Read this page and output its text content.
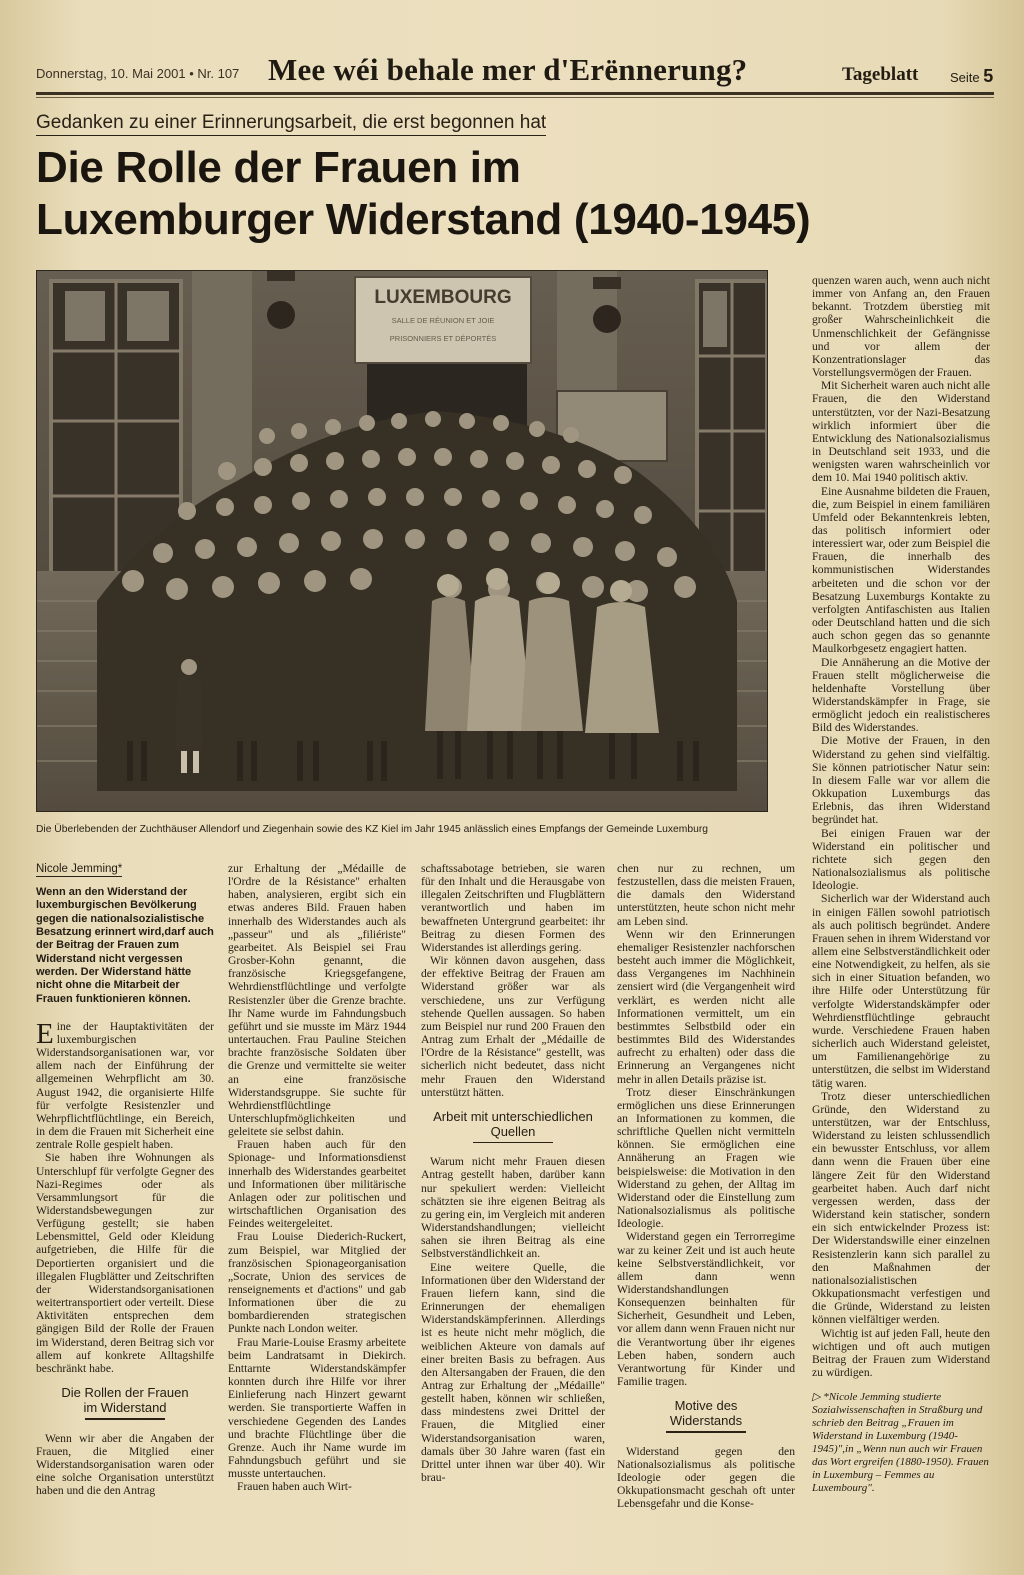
Donnerstag, 10. Mai 2001 • Nr. 107 Mee wéi behale mer d'Erënnerung?	Tageblatt Seite 5
Gedanken zu einer Erinnerungsarbeit, die erst begonnen hat
Die Rolle der Frauen im
Luxemburger Widerstand (1940-1945)
LUXEMBOURG
SALLE DE RÉUNION ET JOIE
PRISONNIERS ET DÉPORTÉS
Die Überlebenden der Zuchthäuser Allendorf und Ziegenhain sowie des KZ Kiel im Jahr 1945 anlässlich eines Empfangs der Gemeinde Luxemburg
Nicole Jemming*
Wenn an den Widerstand der luxemburgischen Bevölkerung gegen die nationalsozialistische Besatzung erinnert wird,darf auch der Beitrag der Frauen zum Widerstand nicht vergessen werden. Der Widerstand hätte nicht ohne die Mitarbeit der Frauen funktionieren können.

Eine der Hauptaktivitäten der luxemburgischen Widerstandsorganisationen war, vor allem nach der Einführung der allgemeinen Wehrpflicht am 30. August 1942, die organisierte Hilfe für verfolgte Resistenzler und Wehrpflichtflüchtlinge, ein Bereich, in dem die Frauen mit Sicherheit eine zentrale Rolle gespielt haben.

Sie haben ihre Wohnungen als Unterschlupf für verfolgte Gegner des Nazi-Regimes oder als Versammlungsort für die Widerstandsbewegungen zur Verfügung gestellt; sie haben Lebensmittel, Geld oder Kleidung aufgetrieben, die Hilfe für die Deportierten organisiert und die illegalen Flugblätter und Zeitschriften der Widerstandsorganisationen weitertransportiert oder verteilt. Diese Aktivitäten entsprechen dem gängigen Bild der Rolle der Frauen im Widerstand, deren Beitrag sich vor allem auf konkrete Alltagshilfe beschränkt habe.

Die Rollen der Frauen
im Widerstand

Wenn wir aber die Angaben der Frauen, die Mitglied einer Widerstandsorganisation waren oder eine solche Organisation unterstützt haben und die den Antrag

zur Erhaltung der „Médaille de l'Ordre de la Résistance" erhalten haben, analysieren, ergibt sich ein etwas anderes Bild. Frauen haben innerhalb des Widerstandes auch als „passeur" und als „filiériste" gearbeitet. Als Beispiel sei Frau Grosber-Kohn genannt, die französische Kriegsgefangene, Wehrdienstflüchtlinge und verfolgte Resistenzler über die Grenze brachte. Ihr Name wurde im Fahndungsbuch geführt und sie musste im März 1944 untertauchen. Frau Pauline Steichen brachte französische Soldaten über die Grenze und vermittelte sie weiter an eine französische Widerstandsgruppe. Sie suchte für Wehrdienstflüchtlinge Unterschlupfmöglichkeiten und geleitete sie selbst dahin.

Frauen haben auch für den Spionage- und Informationsdienst innerhalb des Widerstandes gearbeitet und Informationen über militärische Anlagen oder zur politischen und wirtschaftlichen Organisation des Feindes weitergeleitet.

Frau Louise Diederich-Ruckert, zum Beispiel, war Mitglied der französischen Spionageorganisation „Socrate, Union des services de renseignements et d'actions" und gab Informationen über die zu bombardierenden strategischen Punkte nach London weiter.

Frau Marie-Louise Erasmy arbeitete beim Landratsamt in Diekirch. Enttarnte Widerstandskämpfer konnten durch ihre Hilfe vor ihrer Einlieferung nach Hinzert gewarnt werden. Sie transportierte Waffen in verschiedene Gegenden des Landes und brachte Flüchtlinge über die Grenze. Auch ihr Name wurde im Fahndungsbuch geführt und sie musste untertauchen.

Frauen haben auch Wirt-

schaftssabotage betrieben, sie waren für den Inhalt und die Herausgabe von illegalen Zeitschriften und Flugblättern verantwortlich und haben im bewaffneten Untergrund gearbeitet: ihr Beitrag zu diesen Formen des Widerstandes ist allerdings gering.

Wir können davon ausgehen, dass der effektive Beitrag der Frauen am Widerstand größer war als verschiedene, uns zur Verfügung stehende Quellen aussagen. So haben zum Beispiel nur rund 200 Frauen den Antrag zum Erhalt der „Médaille de l'Ordre de la Résistance" gestellt, was sicherlich nicht bedeutet, dass nicht mehr Frauen den Widerstand unterstützt hätten.

Arbeit mit unterschiedlichen
Quellen

Warum nicht mehr Frauen diesen Antrag gestellt haben, darüber kann nur spekuliert werden: Vielleicht schätzten sie ihre eigenen Beitrag als zu gering ein, im Vergleich mit anderen Widerstandshandlungen; vielleicht sahen sie ihren Beitrag als eine Selbstverständlichkeit an.

Eine weitere Quelle, die Informationen über den Widerstand der Frauen liefern kann, sind die Erinnerungen der ehemaligen Widerstandskämpferinnen. Allerdings ist es heute nicht mehr möglich, die weiblichen Akteure von damals auf einer breiten Basis zu befragen. Aus den Altersangaben der Frauen, die den Antrag zur Erhaltung der „Médaille" gestellt haben, können wir schließen, dass mindestens zwei Drittel der Frauen, die Mitglied einer Widerstandsorganisation waren, damals über 30 Jahre waren (fast ein Drittel unter ihnen war über 40). Wir brau-

chen nur zu rechnen, um festzustellen, dass die meisten Frauen, die damals den Widerstand unterstützten, heute schon nicht mehr am Leben sind.

Wenn wir den Erinnerungen ehemaliger Resistenzler nachforschen besteht auch immer die Möglichkeit, dass Vergangenes im Nachhinein zensiert wird (die Vergangenheit wird verklärt, es werden nicht alle Informationen vermittelt, um ein bestimmtes Selbstbild oder ein bestimmtes Bild des Widerstandes aufrecht zu erhalten) oder dass die Erinnerung an Vergangenes nicht mehr in allen Details präzise ist.

Trotz dieser Einschränkungen ermöglichen uns diese Erinnerungen an Informationen zu kommen, die schriftliche Quellen nicht vermitteln können. Sie ermöglichen eine Annäherung an Fragen wie beispielsweise: die Motivation in den Widerstand zu gehen, der Alltag im Widerstand oder die Einstellung zum Nationalsozialismus als politische Ideologie.

Widerstand gegen ein Terrorregime war zu keiner Zeit und ist auch heute keine Selbstverständlichkeit, vor allem dann wenn Widerstandshandlungen Konsequenzen beinhalten für Sicherheit, Gesundheit und Leben, vor allem dann wenn Frauen nicht nur die Verantwortung über ihr eigenes Leben haben, sondern auch Verantwortung für Kinder und Familie tragen.

Motive des
Widerstands

Widerstand gegen den Nationalsozialismus als politische Ideologie oder gegen die Okkupationsmacht geschah oft unter Lebensgefahr und die Konse-

quenzen waren auch, wenn auch nicht immer von Anfang an, den Frauen bekannt. Trotzdem überstieg mit großer Wahrscheinlichkeit die Unmenschlichkeit der Gefängnisse und vor allem der Konzentrationslager das Vorstellungsvermögen der Frauen.

Mit Sicherheit waren auch nicht alle Frauen, die den Widerstand unterstützten, vor der Nazi-Besatzung wirklich informiert über die Entwicklung des Nationalsozialismus in Deutschland seit 1933, und die wenigsten waren wahrscheinlich vor dem 10. Mai 1940 politisch aktiv.

Eine Ausnahme bildeten die Frauen, die, zum Beispiel in einem familiären Umfeld oder Bekanntenkreis lebten, das politisch informiert oder interessiert war, oder zum Beispiel die Frauen, die innerhalb des kommunistischen Widerstandes arbeiteten und die schon vor der Besatzung Luxemburgs Kontakte zu verfolgten Antifaschisten aus Italien oder Deutschland hatten und die sich auch schon gegen das so genannte Maulkorbgesetz engagiert hatten.

Die Annäherung an die Motive der Frauen stellt möglicherweise die heldenhafte Vorstellung über Widerstandskämpfer in Frage, sie ermöglicht jedoch ein realistischeres Bild des Widerstandes.

Die Motive der Frauen, in den Widerstand zu gehen sind vielfältig. Sie können patriotischer Natur sein: In diesem Falle war vor allem die Okkupation Luxemburgs das Erlebnis, das ihren Widerstand begründet hat.

Bei einigen Frauen war der Widerstand ein politischer und richtete sich gegen den Nationalsozialismus als politische Ideologie.

Sicherlich war der Widerstand auch in einigen Fällen sowohl patriotisch als auch politisch begründet. Andere Frauen sehen in ihrem Widerstand vor allem eine Selbstverständlichkeit oder eine Notwendigkeit, zu helfen, als sie sich in einer Situation befanden, wo ihre Hilfe oder Unterstützung für verfolgte Widerstandskämpfer oder Wehrdienstflüchtlinge gebraucht wurde. Verschiedene Frauen haben sicherlich auch Widerstand geleistet, um Familienangehörige zu unterstützen, die selbst im Widerstand tätig waren.

Trotz dieser unterschiedlichen Gründe, den Widerstand zu unterstützen, war der Entschluss, Widerstand zu leisten schlussendlich ein bewusster Entschluss, vor allem dann wenn die Frauen über eine längere Zeit für den Widerstand gearbeitet haben. Auch darf nicht vergessen werden, dass der Widerstand kein statischer, sondern ein sich entwickelnder Prozess ist: Der Widerstandswille einer einzelnen Resistenzlerin kann sich parallel zu den Maßnahmen der nationalsozialistischen Okkupationsmacht verfestigen und die Gründe, Widerstand zu leisten können vielfältiger werden.

Wichtig ist auf jeden Fall, heute den wichtigen und oft auch mutigen Beitrag der Frauen zum Widerstand zu würdigen.

▷ *Nicole Jemming studierte Sozialwissenschaften in Straßburg und schrieb den Beitrag „Frauen im Widerstand in Luxemburg (1940-1945)",in „Wenn nun auch wir Frauen das Wort ergreifen (1880-1950). Frauen in Luxemburg – Femmes au Luxembourg".
